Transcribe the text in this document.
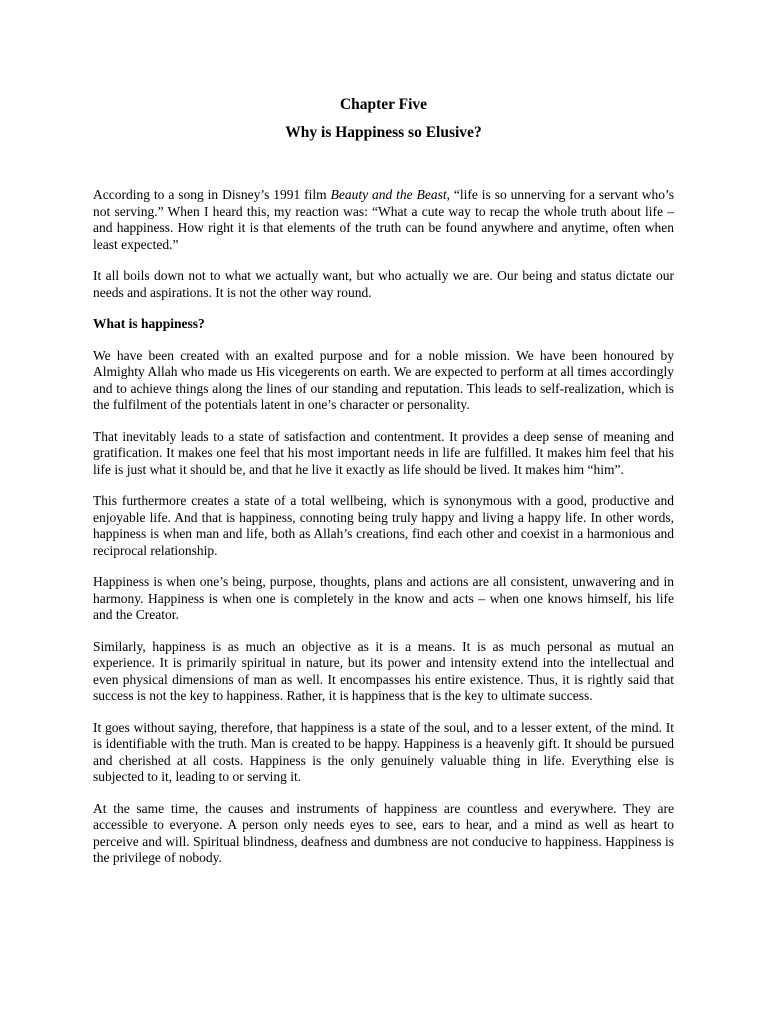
Chapter Five
Why is Happiness so Elusive?

According to a song in Disney’s 1991 film Beauty and the Beast, “life is so unnerving for a servant who’s not serving.” When I heard this, my reaction was: “What a cute way to recap the whole truth about life – and happiness. How right it is that elements of the truth can be found anywhere and anytime, often when least expected.”

It all boils down not to what we actually want, but who actually we are. Our being and status dictate our needs and aspirations. It is not the other way round.

What is happiness?

We have been created with an exalted purpose and for a noble mission. We have been honoured by Almighty Allah who made us His vicegerents on earth. We are expected to perform at all times accordingly and to achieve things along the lines of our standing and reputation. This leads to self-realization, which is the fulfilment of the potentials latent in one’s character or personality.

That inevitably leads to a state of satisfaction and contentment. It provides a deep sense of meaning and gratification. It makes one feel that his most important needs in life are fulfilled. It makes him feel that his life is just what it should be, and that he live it exactly as life should be lived. It makes him “him”.

This furthermore creates a state of a total wellbeing, which is synonymous with a good, productive and enjoyable life. And that is happiness, connoting being truly happy and living a happy life. In other words, happiness is when man and life, both as Allah’s creations, find each other and coexist in a harmonious and reciprocal relationship.

Happiness is when one’s being, purpose, thoughts, plans and actions are all consistent, unwavering and in harmony. Happiness is when one is completely in the know and acts – when one knows himself, his life and the Creator.

Similarly, happiness is as much an objective as it is a means. It is as much personal as mutual an experience. It is primarily spiritual in nature, but its power and intensity extend into the intellectual and even physical dimensions of man as well. It encompasses his entire existence. Thus, it is rightly said that success is not the key to happiness. Rather, it is happiness that is the key to ultimate success.

It goes without saying, therefore, that happiness is a state of the soul, and to a lesser extent, of the mind. It is identifiable with the truth. Man is created to be happy. Happiness is a heavenly gift. It should be pursued and cherished at all costs. Happiness is the only genuinely valuable thing in life. Everything else is subjected to it, leading to or serving it.

At the same time, the causes and instruments of happiness are countless and everywhere. They are accessible to everyone. A person only needs eyes to see, ears to hear, and a mind as well as heart to perceive and will. Spiritual blindness, deafness and dumbness are not conducive to happiness. Happiness is the privilege of nobody.
